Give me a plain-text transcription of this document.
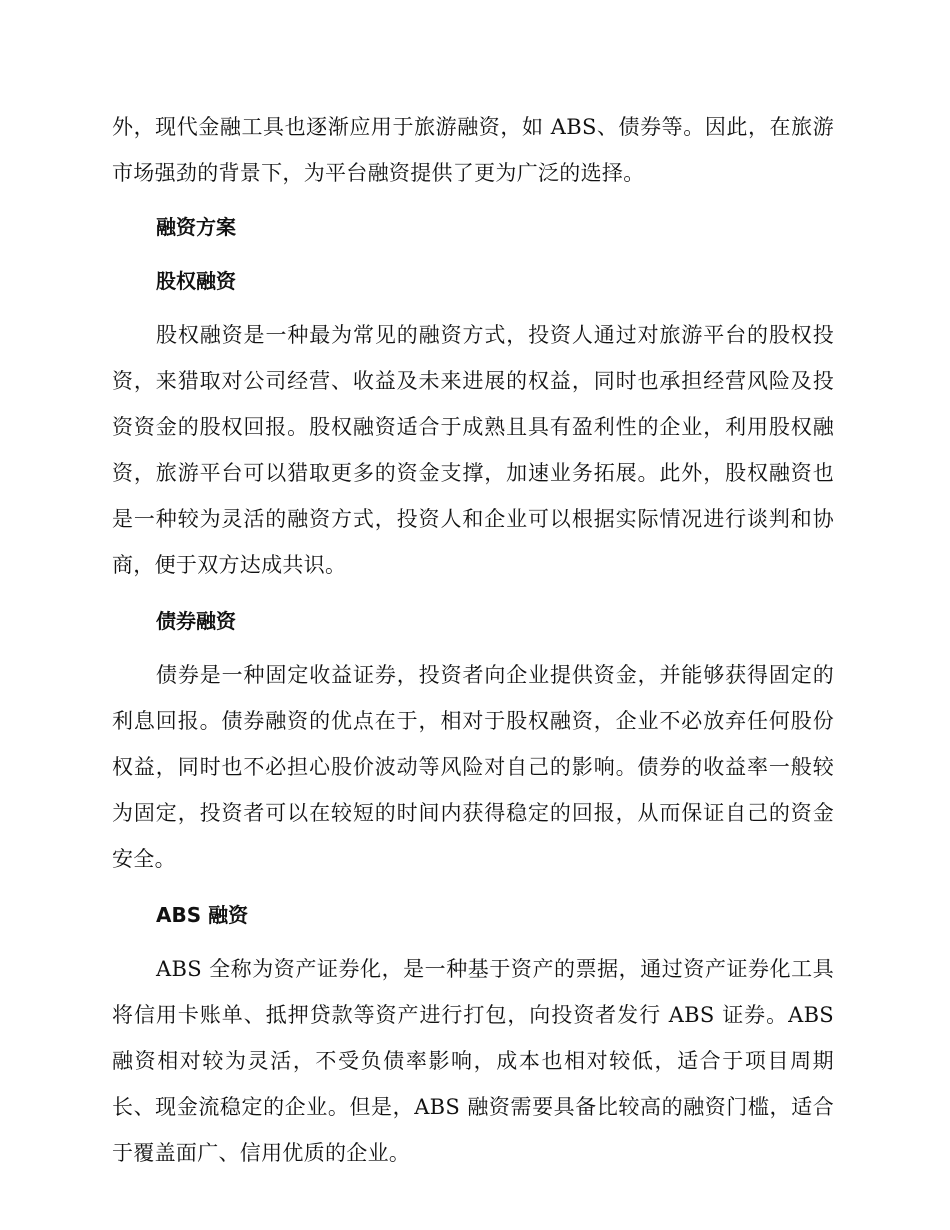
外，现代金融工具也逐渐应用于旅游融资，如 ABS、债券等。因此，在旅游市场强劲的背景下，为平台融资提供了更为广泛的选择。

融资方案
股权融资

股权融资是一种最为常见的融资方式，投资人通过对旅游平台的股权投资，来猎取对公司经营、收益及未来进展的权益，同时也承担经营风险及投资资金的股权回报。股权融资适合于成熟且具有盈利性的企业，利用股权融资，旅游平台可以猎取更多的资金支撑，加速业务拓展。此外，股权融资也是一种较为灵活的融资方式，投资人和企业可以根据实际情况进行谈判和协商，便于双方达成共识。

债券融资

债券是一种固定收益证券，投资者向企业提供资金，并能够获得固定的利息回报。债券融资的优点在于，相对于股权融资，企业不必放弃任何股份权益，同时也不必担心股价波动等风险对自己的影响。债券的收益率一般较为固定，投资者可以在较短的时间内获得稳定的回报，从而保证自己的资金安全。

ABS 融资

ABS 全称为资产证券化，是一种基于资产的票据，通过资产证券化工具将信用卡账单、抵押贷款等资产进行打包，向投资者发行 ABS 证券。ABS 融资相对较为灵活，不受负债率影响，成本也相对较低，适合于项目周期长、现金流稳定的企业。但是，ABS 融资需要具备比较高的融资门槛，适合于覆盖面广、信用优质的企业。
